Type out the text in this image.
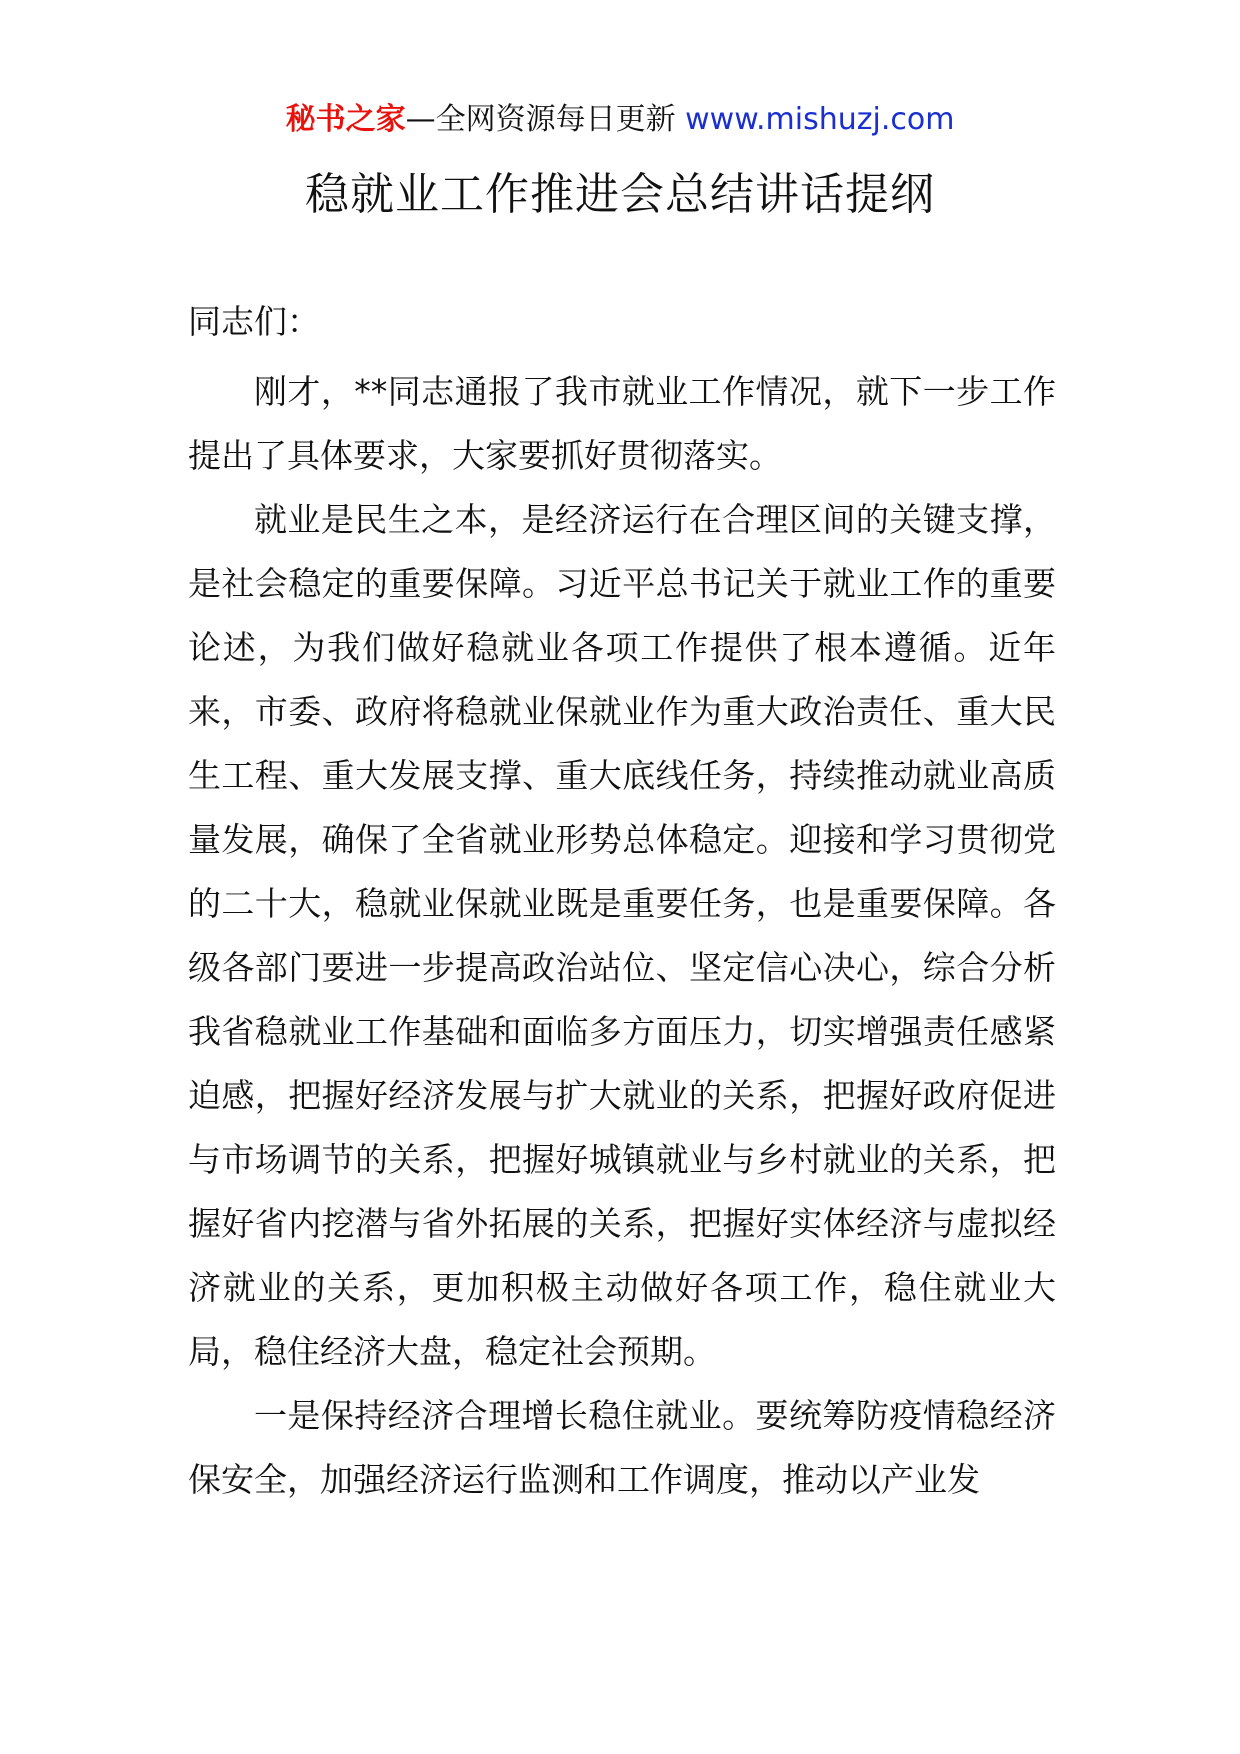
秘书之家—全网资源每日更新 www.mishuzj.com
稳就业工作推进会总结讲话提纲

同志们：

刚才，**同志通报了我市就业工作情况，就下一步工作提出了具体要求，大家要抓好贯彻落实。

就业是民生之本，是经济运行在合理区间的关键支撑，是社会稳定的重要保障。习近平总书记关于就业工作的重要论述，为我们做好稳就业各项工作提供了根本遵循。近年来，市委、政府将稳就业保就业作为重大政治责任、重大民生工程、重大发展支撑、重大底线任务，持续推动就业高质量发展，确保了全省就业形势总体稳定。迎接和学习贯彻党的二十大，稳就业保就业既是重要任务，也是重要保障。各级各部门要进一步提高政治站位、坚定信心决心，综合分析我省稳就业工作基础和面临多方面压力，切实增强责任感紧迫感，把握好经济发展与扩大就业的关系，把握好政府促进与市场调节的关系，把握好城镇就业与乡村就业的关系，把握好省内挖潜与省外拓展的关系，把握好实体经济与虚拟经济就业的关系，更加积极主动做好各项工作，稳住就业大局，稳住经济大盘，稳定社会预期。

一是保持经济合理增长稳住就业。要统筹防疫情稳经济保安全，加强经济运行监测和工作调度，推动以产业发
